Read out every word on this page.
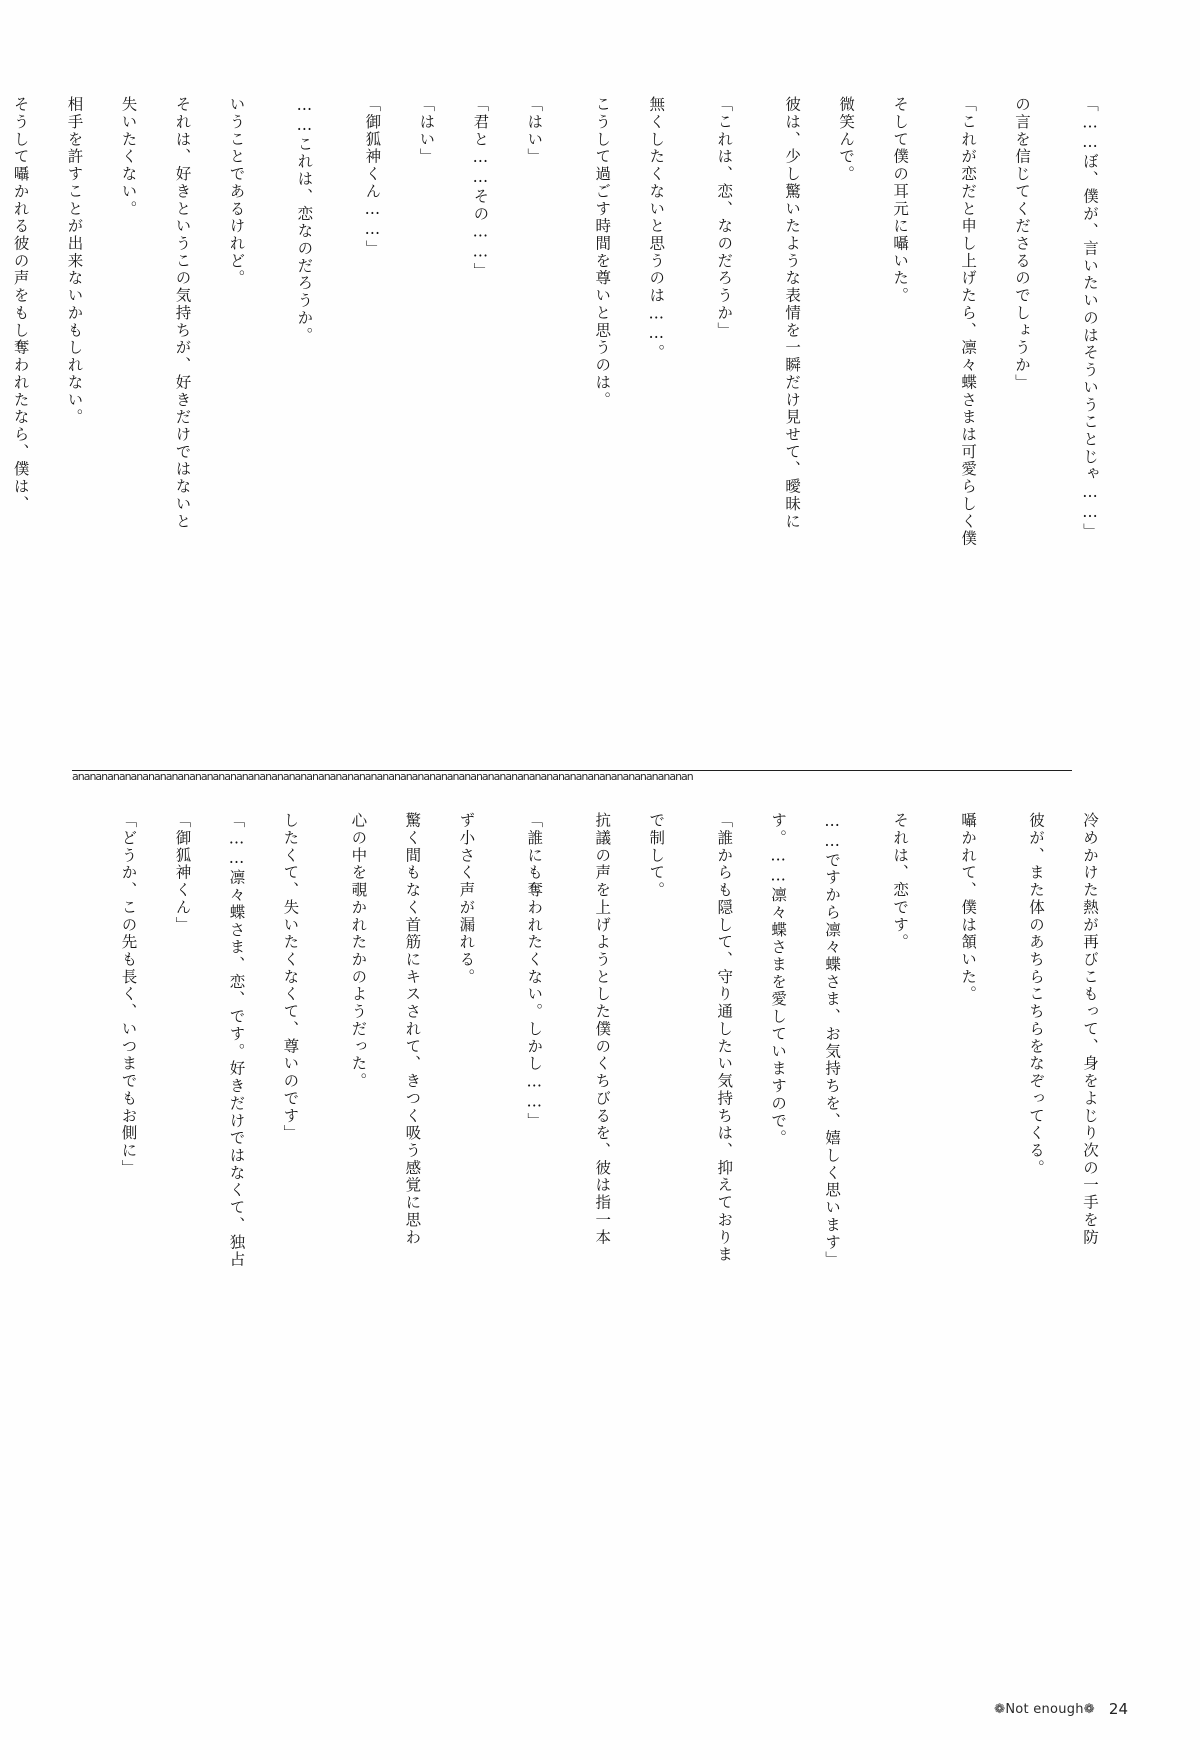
そうして囁かれる彼の声をもし奪われたなら、僕は、	相手を許すことが出来ないかもしれない。	失いたくない。	それは、好きというこの気持ちが、好きだけではないと	いうことであるけれど。	……これは、恋なのだろうか。	「御狐神くん……」	「はい」	「君と……その……」	「はい」	こうして過ごす時間を尊いと思うのは。	無くしたくないと思うのは……。	「これは、恋、なのだろうか」	彼は、少し驚いたような表情を一瞬だけ見せて、曖昧に	微笑んで。	そして僕の耳元に囁いた。	「これが恋だと申し上げたら、凛々蝶さまは可愛らしく僕	の言を信じてくださるのでしょうか」	「……ぼ、僕が、言いたいのはそういうことじゃ……」
ananananananananananananananananananananananananananananananananananananananananananananananananananananan
「どうか、この先も長く、いつまでもお側に」	「御狐神くん」	「……凛々蝶さま、恋、です。好きだけではなくて、独占	したくて、失いたくなくて、尊いのです」	心の中を覗かれたかのようだった。	驚く間もなく首筋にキスされて、きつく吸う感覚に思わ	ず小さく声が漏れる。	「誰にも奪われたくない。しかし……」	抗議の声を上げようとした僕のくちびるを、彼は指一本	で制して。	「誰からも隠して、守り通したい気持ちは、抑えておりま	す。……凛々蝶さまを愛していますので。	……ですから凛々蝶さま、お気持ちを、嬉しく思います」	それは、恋です。	囁かれて、僕は頷いた。	彼が、また体のあちらこちらをなぞってくる。	冷めかけた熱が再びこもって、身をよじり次の一手を防
❁Not enough❁ 24
